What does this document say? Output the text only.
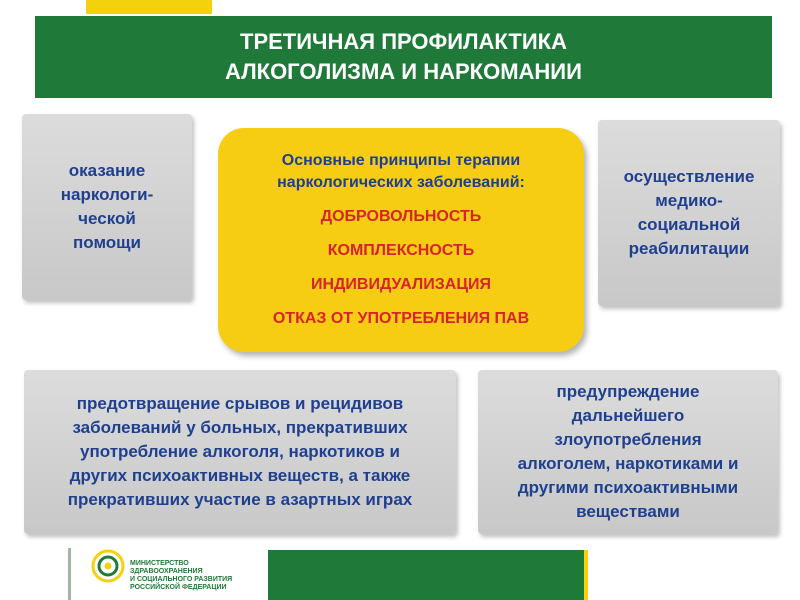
ТРЕТИЧНАЯ ПРОФИЛАКТИКА
АЛКОГОЛИЗМА И НАРКОМАНИИ
оказание
наркологи-
ческой
помощи
Основные принципы терапии
наркологических заболеваний:
ДОБРОВОЛЬНОСТЬ
КОМПЛЕКСНОСТЬ
ИНДИВИДУАЛИЗАЦИЯ
ОТКАЗ ОТ УПОТРЕБЛЕНИЯ ПАВ
осуществление
медико-
социальной
реабилитации
предотвращение срывов и рецидивов
заболеваний у больных, прекративших
употребление алкоголя, наркотиков и
других психоактивных веществ, а также
прекративших участие в азартных играх
предупреждение
дальнейшего
злоупотребления
алкоголем, наркотиками и
другими психоактивными
веществами
МИНИСТЕРСТВО
ЗДРАВООХРАНЕНИЯ
И СОЦИАЛЬНОГО РАЗВИТИЯ
РОССИЙСКОЙ ФЕДЕРАЦИИ
